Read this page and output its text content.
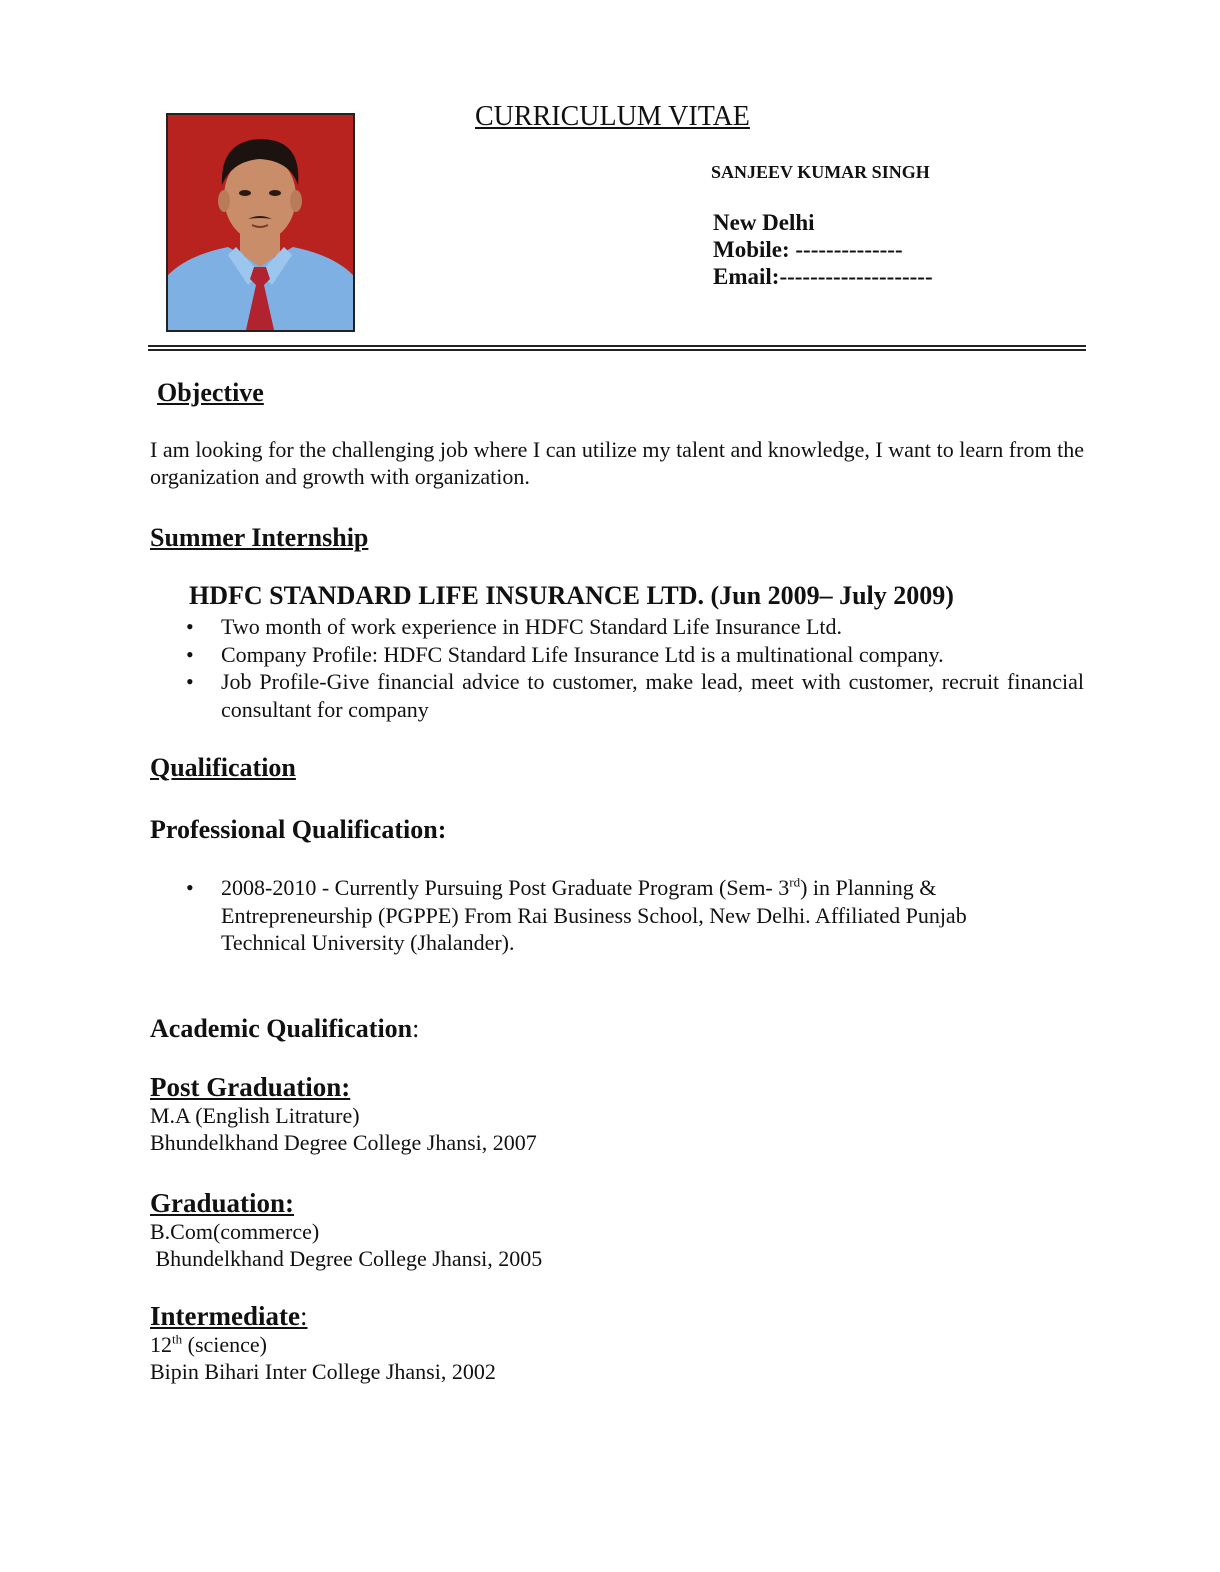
CURRICULUM VITAE
SANJEEV KUMAR SINGH
New Delhi
Mobile: --------------
Email:--------------------
Objective
I am looking for the challenging job where I can utilize my talent and knowledge, I want to learn from the organization and growth with organization.
Summer Internship
HDFC STANDARD LIFE INSURANCE LTD. (Jun 2009– July 2009)
• Two month of work experience in HDFC Standard Life Insurance Ltd.
• Company Profile: HDFC Standard Life Insurance Ltd is a multinational company.
• Job Profile-Give financial advice to customer, make lead, meet with customer, recruit financial consultant for company
Qualification
Professional Qualification:
• 2008-2010 - Currently Pursuing Post Graduate Program (Sem- 3rd) in Planning & Entrepreneurship (PGPPE) From Rai Business School, New Delhi. Affiliated Punjab Technical University (Jhalander).
Academic Qualification:
Post Graduation:
M.A (English Litrature)
Bhundelkhand Degree College Jhansi, 2007
Graduation:
B.Com(commerce)
Bhundelkhand Degree College Jhansi, 2005
Intermediate:
12th (science)
Bipin Bihari Inter College Jhansi, 2002
